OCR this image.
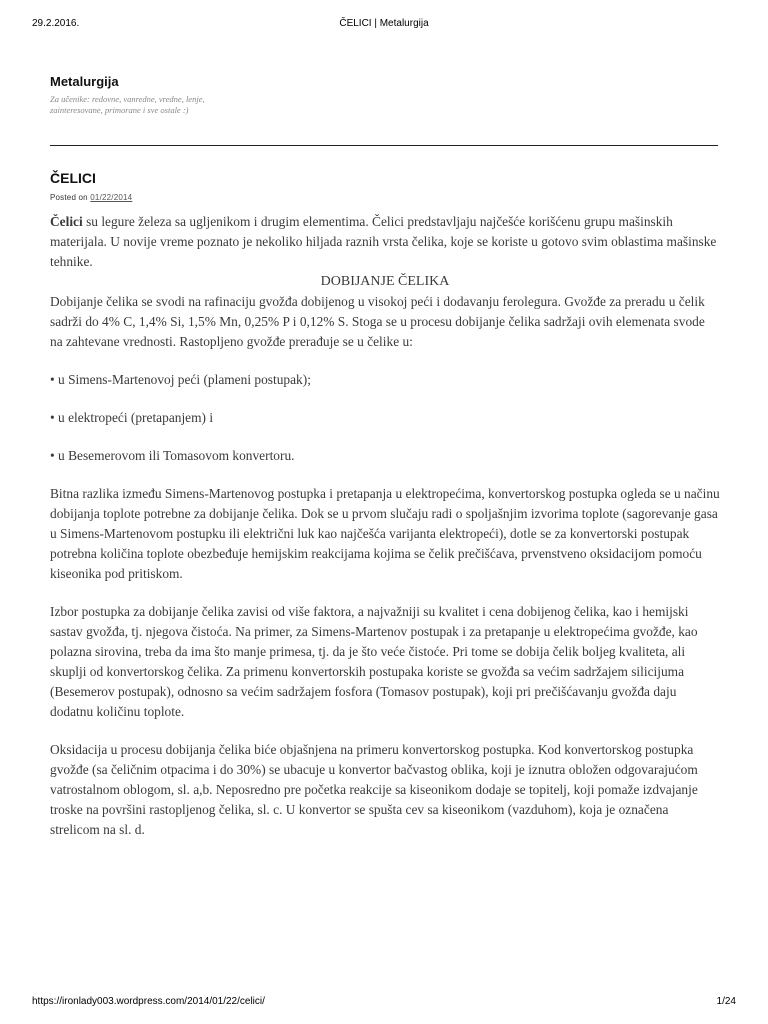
29.2.2016.	ČELICI | Metalurgija
Metalurgija
Za učenike: redovne, vanredne, vredne, lenje, zainteresovane, primorane i sve ostale :)
ČELICI
Posted on 01/22/2014

Čelici su legure železa sa ugljenikom i drugim elementima. Čelici predstavljaju najčešće korišćenu grupu mašinskih materijala. U novije vreme poznato je nekoliko hiljada raznih vrsta čelika, koje se koriste u gotovo svim oblastima mašinske tehnike.

DOBIJANJE ČELIKA

Dobijanje čelika se svodi na rafinaciju gvožđa dobijenog u visokoj peći i dodavanju ferolegura. Gvožđe za preradu u čelik sadrži do 4% C, 1,4% Si, 1,5% Mn, 0,25% P i 0,12% S. Stoga se u procesu dobijanje čelika sadržaji ovih elemenata svode na zahtevane vrednosti. Rastopljeno gvožđe prerađuje se u čelike u:

• u Simens-Martenovoj peći (plameni postupak);

• u elektropeći (pretapanjem) i

• u Besemerovom ili Tomasovom konvertoru.

Bitna razlika između Simens-Martenovog postupka i pretapanja u elektropećima, konvertorskog postupka ogleda se u načinu dobijanja toplote potrebne za dobijanje čelika. Dok se u prvom slučaju radi o spoljašnjim izvorima toplote (sagorevanje gasa u Simens-Martenovom postupku ili električni luk kao najčešća varijanta elektropeći), dotle se za konvertorski postupak potrebna količina toplote obezbeđuje hemijskim reakcijama kojima se čelik prečišćava, prvenstveno oksidacijom pomoću kiseonika pod pritiskom.

Izbor postupka za dobijanje čelika zavisi od više faktora, a najvažniji su kvalitet i cena dobijenog čelika, kao i hemijski sastav gvožđa, tj. njegova čistoća. Na primer, za Simens-Martenov postupak i za pretapanje u elektropećima gvožđe, kao polazna sirovina, treba da ima što manje primesa, tj. da je što veće čistoće. Pri tome se dobija čelik boljeg kvaliteta, ali skuplji od konvertorskog čelika. Za primenu konvertorskih postupaka koriste se gvožđa sa većim sadržajem silicijuma (Besemerov postupak), odnosno sa većim sadržajem fosfora (Tomasov postupak), koji pri prečišćavanju gvožđa daju dodatnu količinu toplote.

Oksidacija u procesu dobijanja čelika biće objašnjena na primeru konvertorskog postupka. Kod konvertorskog postupka gvožđe (sa čeličnim otpacima i do 30%) se ubacuje u konvertor bačvastog oblika, koji je iznutra obložen odgovarajućom vatrostalnom oblogom, sl. a,b. Neposredno pre početka reakcije sa kiseonikom dodaje se topitelj, koji pomaže izdvajanje troske na površini rastopljenog čelika, sl. c. U konvertor se spušta cev sa kiseonikom (vazduhom), koja je označena strelicom na sl. d.

https://ironlady003.wordpress.com/2014/01/22/celici/	1/24
